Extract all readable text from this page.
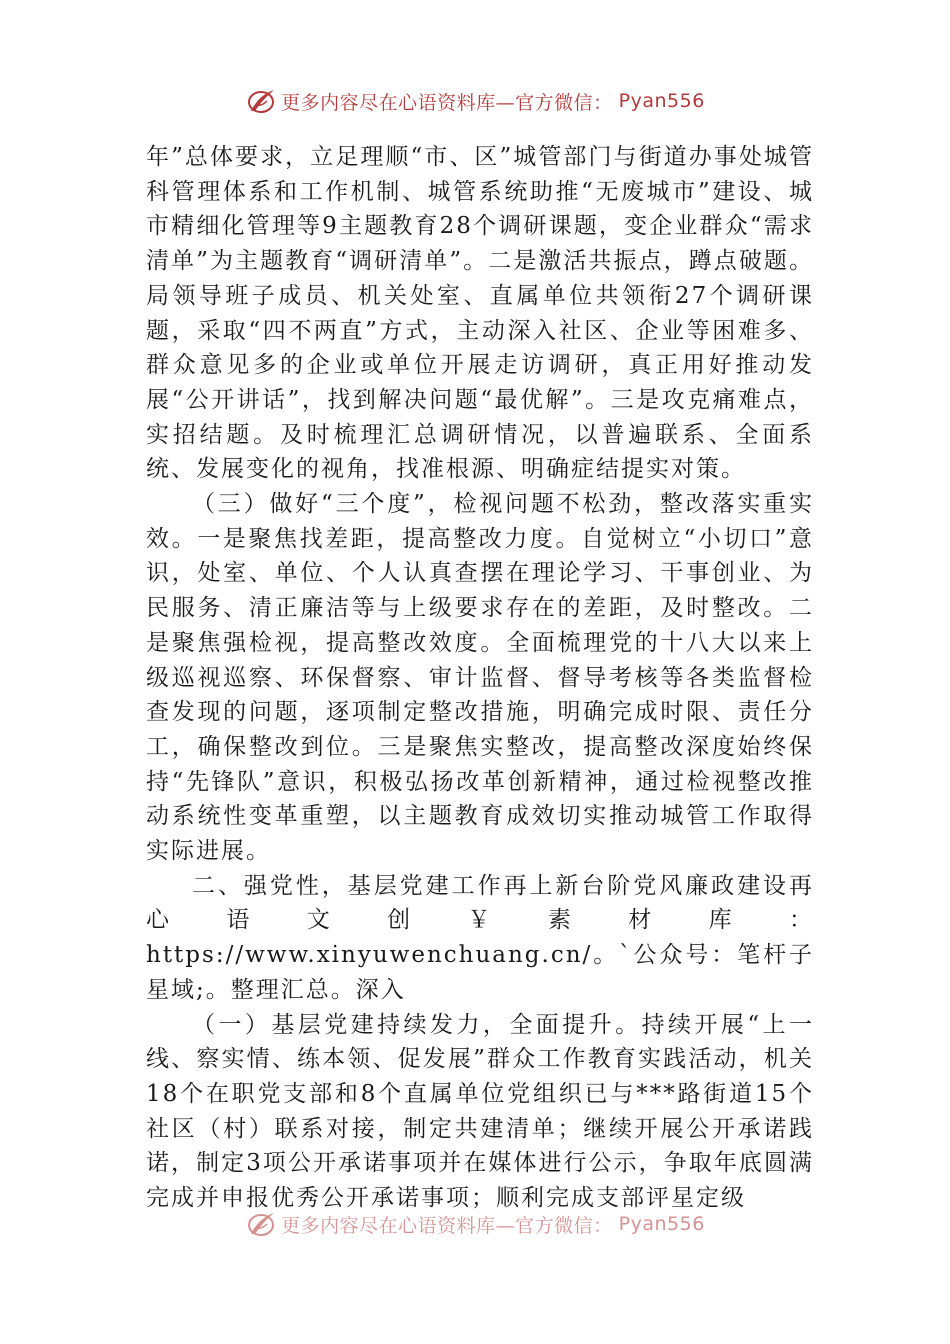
更多内容尽在心语资料库—官方微信： Pyan556

年”总体要求，立足理顺“市、区”城管部门与街道办事处城管科管理体系和工作机制、城管系统助推“无废城市”建设、城市精细化管理等9主题教育28个调研课题，变企业群众“需求清单”为主题教育“调研清单”。二是激活共振点，蹲点破题。局领导班子成员、机关处室、直属单位共领衔27个调研课题，采取“四不两直”方式，主动深入社区、企业等困难多、群众意见多的企业或单位开展走访调研，真正用好推动发展“公开讲话”，找到解决问题“最优解”。三是攻克痛难点，实招结题。及时梳理汇总调研情况，以普遍联系、全面系统、发展变化的视角，找准根源、明确症结提实对策。

（三）做好“三个度”，检视问题不松劲，整改落实重实效。一是聚焦找差距，提高整改力度。自觉树立“小切口”意识，处室、单位、个人认真查摆在理论学习、干事创业、为民服务、清正廉洁等与上级要求存在的差距，及时整改。二是聚焦强检视，提高整改效度。全面梳理党的十八大以来上级巡视巡察、环保督察、审计监督、督导考核等各类监督检查发现的问题，逐项制定整改措施，明确完成时限、责任分工，确保整改到位。三是聚焦实整改，提高整改深度始终保持“先锋队”意识，积极弘扬改革创新精神，通过检视整改推动系统性变革重塑，以主题教育成效切实推动城管工作取得实际进展。

二、强党性，基层党建工作再上新台阶党风廉政建设再心语文创￥素材库：https://www.xinyuwenchuang.cn/。`公众号：笔杆子星域;。整理汇总。深入

（一）基层党建持续发力，全面提升。持续开展“上一线、察实情、练本领、促发展”群众工作教育实践活动，机关18个在职党支部和8个直属单位党组织已与***路街道15个社区（村）联系对接，制定共建清单；继续开展公开承诺践诺，制定3项公开承诺事项并在媒体进行公示，争取年底圆满完成并申报优秀公开承诺事项；顺利完成支部评星定级

更多内容尽在心语资料库—官方微信： Pyan556
